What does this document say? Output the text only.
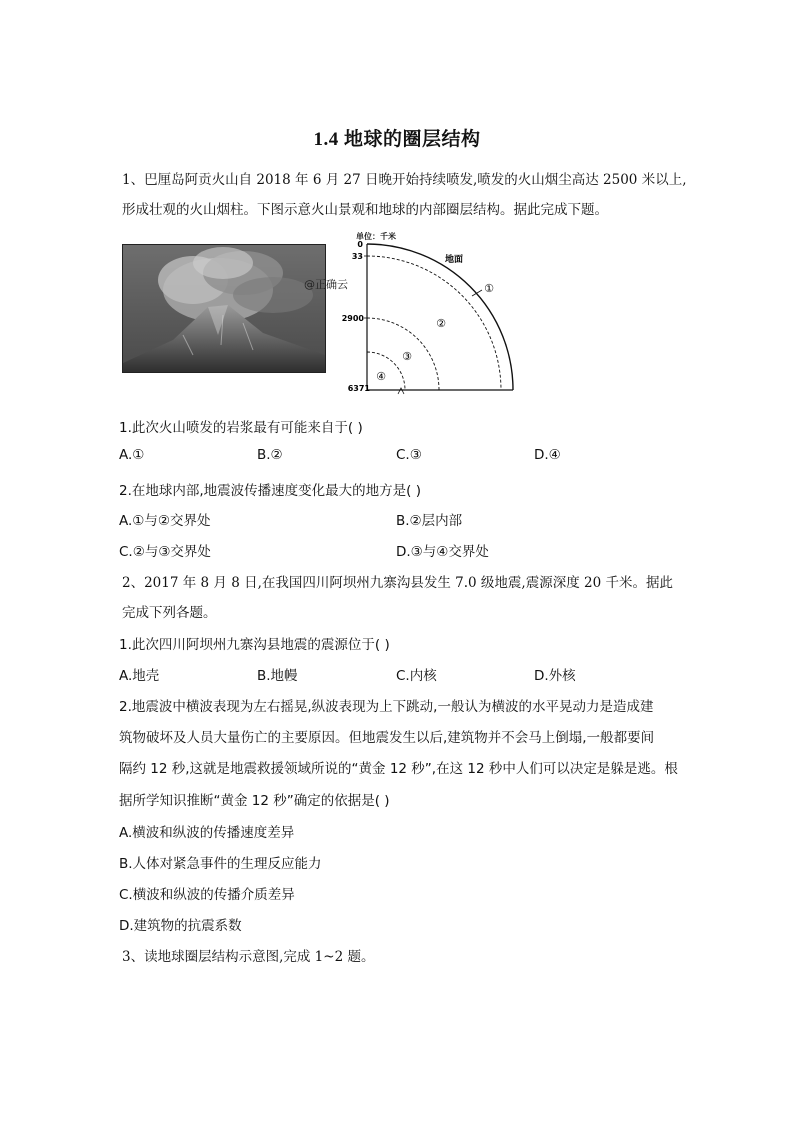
1.4 地球的圈层结构
1、巴厘岛阿贡火山自 2018 年 6 月 27 日晚开始持续喷发,喷发的火山烟尘高达 2500 米以上,
形成壮观的火山烟柱。下图示意火山景观和地球的内部圈层结构。据此完成下题。
@正确云
单位：千米
0
33
2900
6371
地面
①
②
③
④
1.此次火山喷发的岩浆最有可能来自于( )
A.①	B.②	C.③	D.④
2.在地球内部,地震波传播速度变化最大的地方是( )
A.①与②交界处	B.②层内部
C.②与③交界处	D.③与④交界处
2、2017 年 8 月 8 日,在我国四川阿坝州九寨沟县发生 7.0 级地震,震源深度 20 千米。据此
完成下列各题。
1.此次四川阿坝州九寨沟县地震的震源位于( )
A.地壳	B.地幔	C.内核	D.外核
2.地震波中横波表现为左右摇晃,纵波表现为上下跳动,一般认为横波的水平晃动力是造成建
筑物破坏及人员大量伤亡的主要原因。但地震发生以后,建筑物并不会马上倒塌,一般都要间
隔约 12 秒,这就是地震救援领域所说的“黄金 12 秒”,在这 12 秒中人们可以决定是躲是逃。根
据所学知识推断“黄金 12 秒”确定的依据是( )
A.横波和纵波的传播速度差异
B.人体对紧急事件的生理反应能力
C.横波和纵波的传播介质差异
D.建筑物的抗震系数
3、读地球圈层结构示意图,完成 1~2 题。
